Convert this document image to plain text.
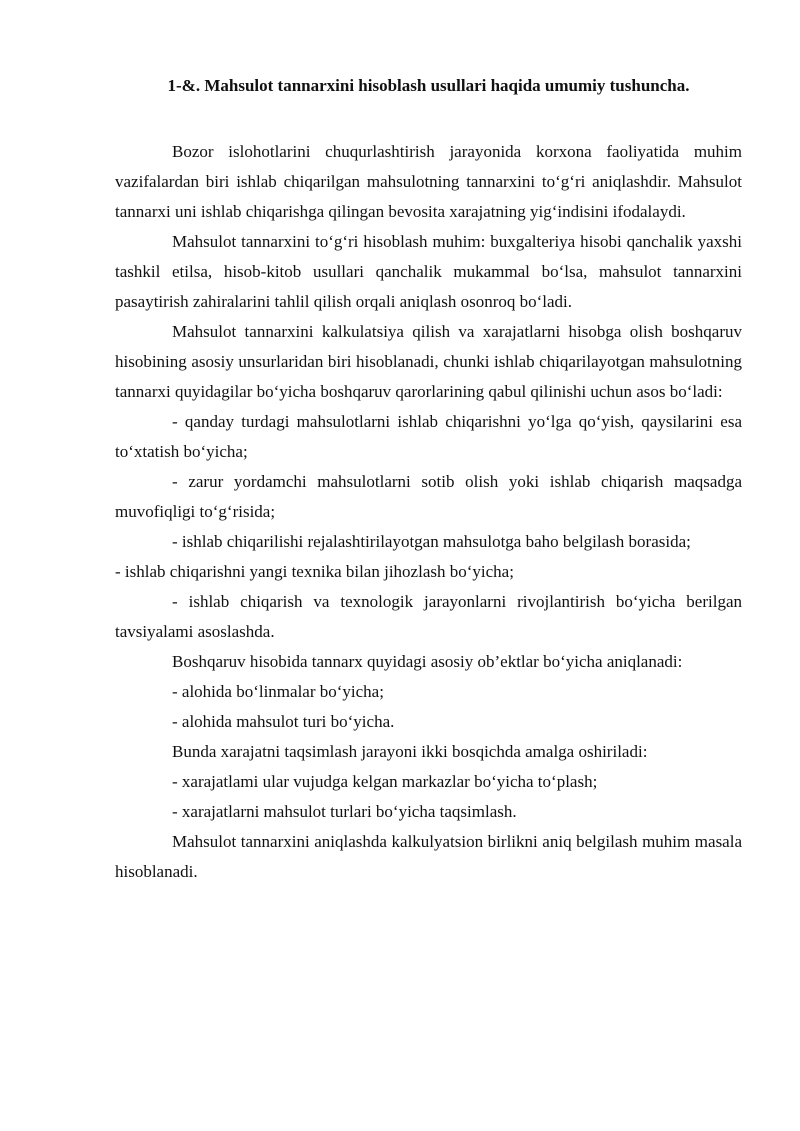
1-&. Mahsulot tannarxini hisoblash usullari haqida umumiy tushuncha.

Bozor islohotlarini chuqurlashtirish jarayonida korxona faoliyatida muhim vazifalardan biri ishlab chiqarilgan mahsulotning tannarxini to‘g‘ri aniqlashdir. Mahsulot tannarxi uni ishlab chiqarishga qilingan bevosita xarajatning yig‘indisini ifodalaydi.

Mahsulot tannarxini to‘g‘ri hisoblash muhim: buxgalteriya hisobi qanchalik yaxshi tashkil etilsa, hisob-kitob usullari qanchalik mukammal bo‘lsa, mahsulot tannarxini pasaytirish zahiralarini tahlil qilish orqali aniqlash osonroq bo‘ladi.

Mahsulot tannarxini kalkulatsiya qilish va xarajatlarni hisobga olish boshqaruv hisobining asosiy unsurlaridan biri hisoblanadi, chunki ishlab chiqarilayotgan mahsulotning tannarxi quyidagilar bo‘yicha boshqaruv qarorlarining qabul qilinishi uchun asos bo‘ladi:

- qanday turdagi mahsulotlarni ishlab chiqarishni yo‘lga qo‘yish, qaysilarini esa to‘xtatish bo‘yicha;

- zarur yordamchi mahsulotlarni sotib olish yoki ishlab chiqarish maqsadga muvofiqligi to‘g‘risida;

- ishlab chiqarilishi rejalashtirilayotgan mahsulotga baho belgilash borasida;

- ishlab chiqarishni yangi texnika bilan jihozlash bo‘yicha;

- ishlab chiqarish va texnologik jarayonlarni rivojlantirish bo‘yicha berilgan tavsiyalami asoslashda.

Boshqaruv hisobida tannarx quyidagi asosiy ob’ektlar bo‘yicha aniqlanadi:

- alohida bo‘linmalar bo‘yicha;

- alohida mahsulot turi bo‘yicha.

Bunda xarajatni taqsimlash jarayoni ikki bosqichda amalga oshiriladi:

- xarajatlami ular vujudga kelgan markazlar bo‘yicha to‘plash;

- xarajatlarni mahsulot turlari bo‘yicha taqsimlash.

Mahsulot tannarxini aniqlashda kalkulyatsion birlikni aniq belgilash muhim masala hisoblanadi.
